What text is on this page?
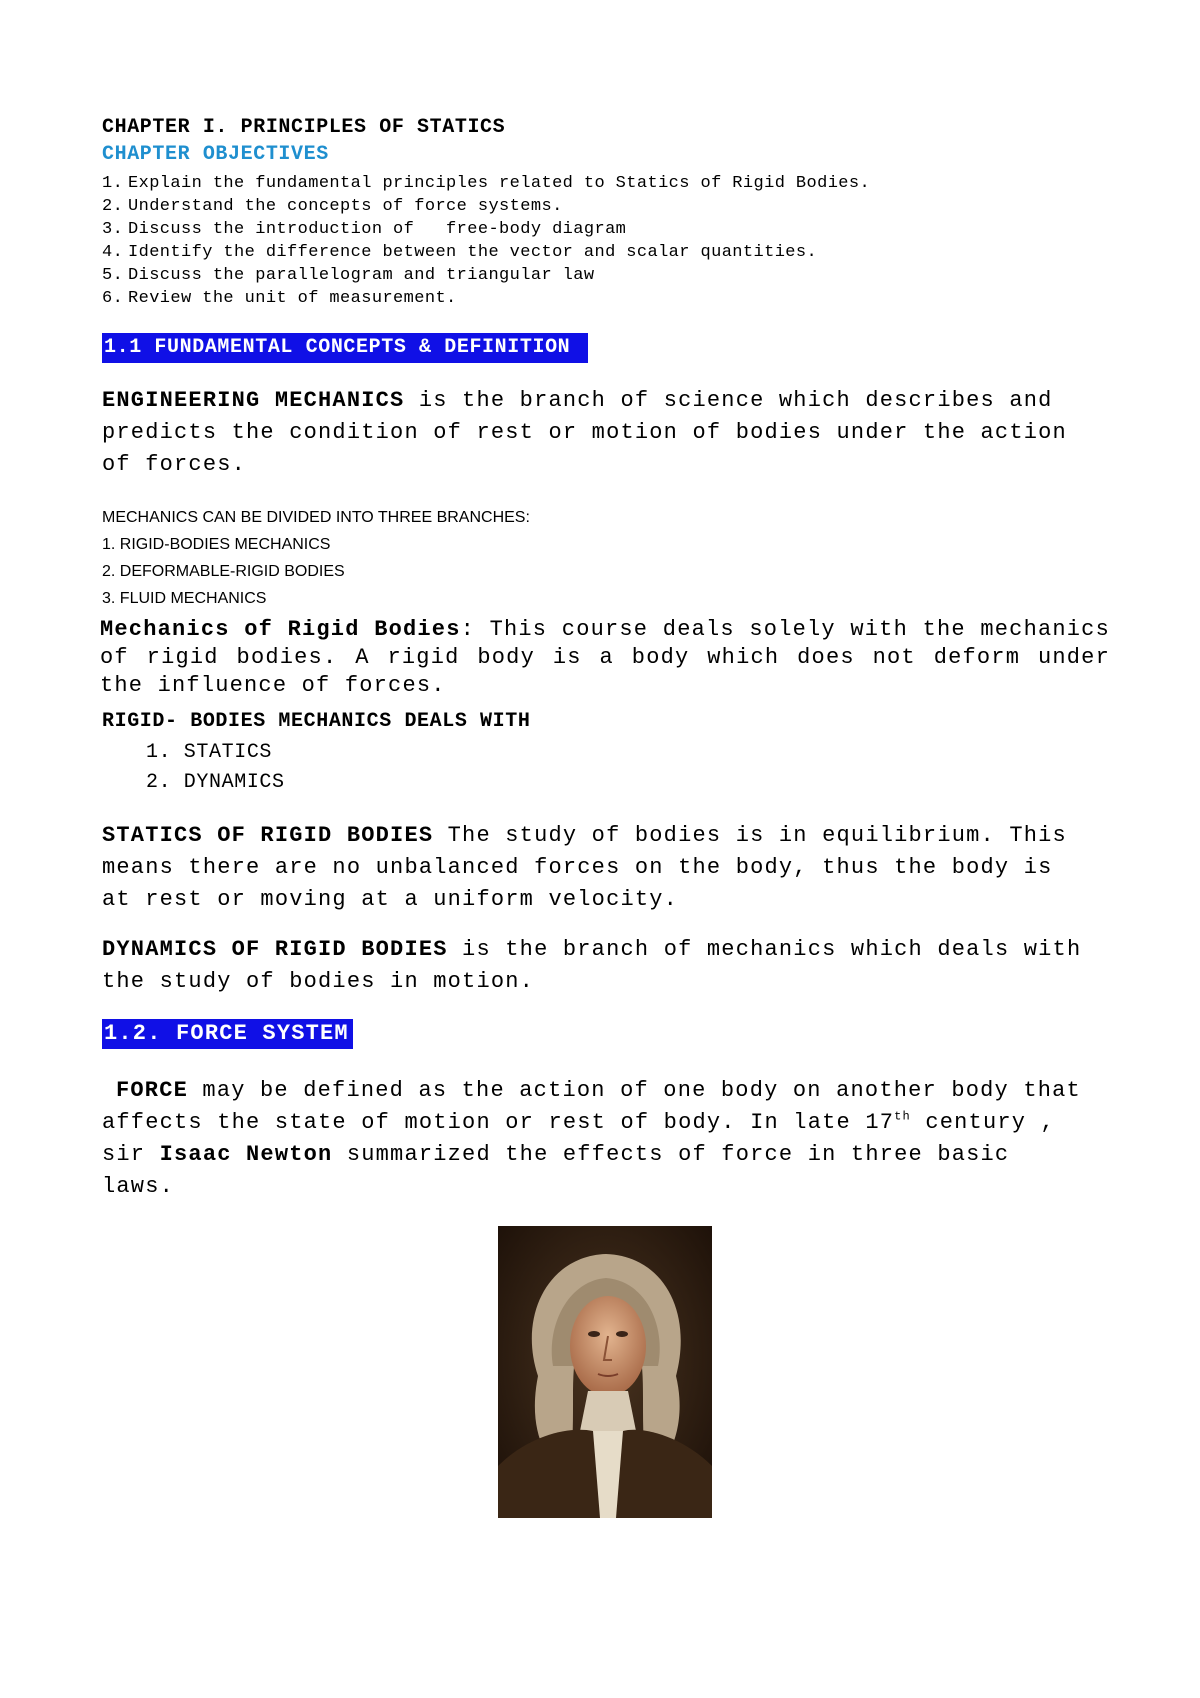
CHAPTER I. PRINCIPLES OF STATICS
CHAPTER OBJECTIVES
1. Explain the fundamental principles related to Statics of Rigid Bodies.
2. Understand the concepts of force systems.
3. Discuss the introduction of   free-body diagram
4. Identify the difference between the vector and scalar quantities.
5. Discuss the parallelogram and triangular law
6. Review the unit of measurement.
1.1 FUNDAMENTAL CONCEPTS & DEFINITION
ENGINEERING MECHANICS is the branch of science which describes and
predicts the condition of rest or motion of bodies under the action
of forces.
MECHANICS CAN BE DIVIDED INTO THREE BRANCHES:
1. RIGID-BODIES MECHANICS
2. DEFORMABLE-RIGID BODIES
3. FLUID MECHANICS
Mechanics of Rigid Bodies: This course deals solely with the mechanics of rigid bodies. A rigid body is a body which does not deform under the influence of forces.
RIGID- BODIES MECHANICS DEALS WITH
1. STATICS
2. DYNAMICS
STATICS OF RIGID BODIES The study of bodies is in equilibrium. This
means there are no unbalanced forces on the body, thus the body is
at rest or moving at a uniform velocity.
DYNAMICS OF RIGID BODIES is the branch of mechanics which deals with
the study of bodies in motion.
1.2. FORCE SYSTEM
FORCE may be defined as the action of one body on another body that
affects the state of motion or rest of body. In late 17th century ,
sir Isaac Newton summarized the effects of force in three basic
laws.
